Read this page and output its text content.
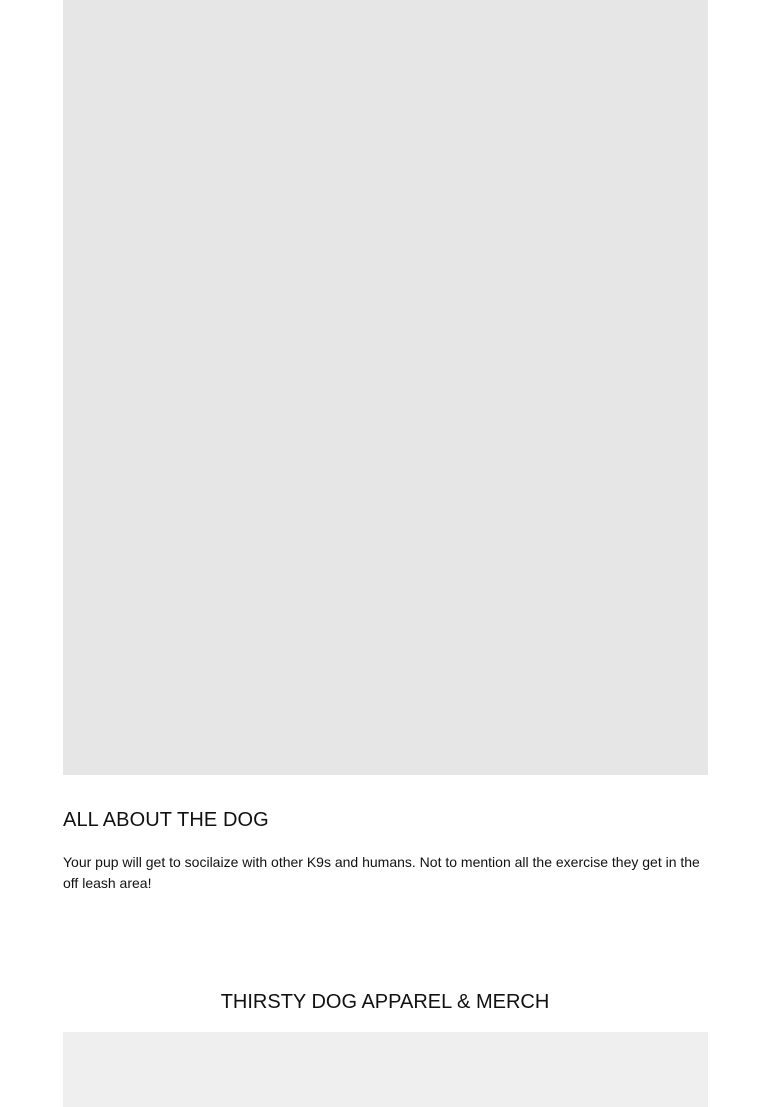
ALL ABOUT THE DOG

Your pup will get to socilaize with other K9s and humans. Not to mention all the exercise they get in the off leash area!

THIRSTY DOG APPAREL & MERCH
